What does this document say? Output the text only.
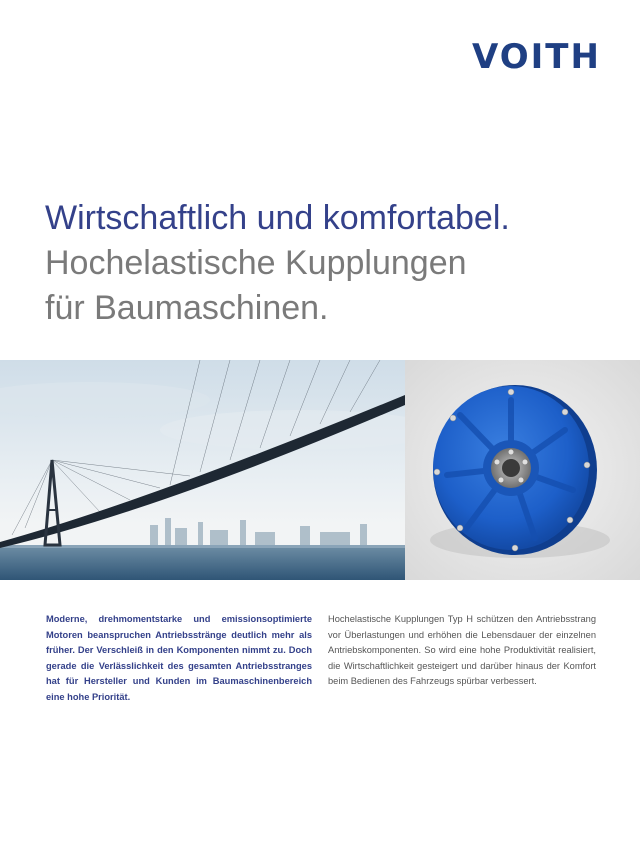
VOITH
Wirtschaftlich und komfortabel.
Hochelastische Kupplungen
für Baumaschinen.
Moderne, drehmomentstarke und emissionsoptimierte Motoren beanspruchen Antriebsstränge deutlich mehr als früher. Der Verschleiß in den Komponenten nimmt zu. Doch gerade die Verlässlichkeit des gesamten Antriebsstranges hat für Hersteller und Kunden im Baumaschinenbereich eine hohe Priorität.
Hochelastische Kupplungen Typ H schützen den Antriebsstrang vor Überlastungen und erhöhen die Lebensdauer der einzelnen Antriebskomponenten. So wird eine hohe Produktivität realisiert, die Wirtschaftlichkeit gesteigert und darüber hinaus der Komfort beim Bedienen des Fahrzeugs spürbar verbessert.
